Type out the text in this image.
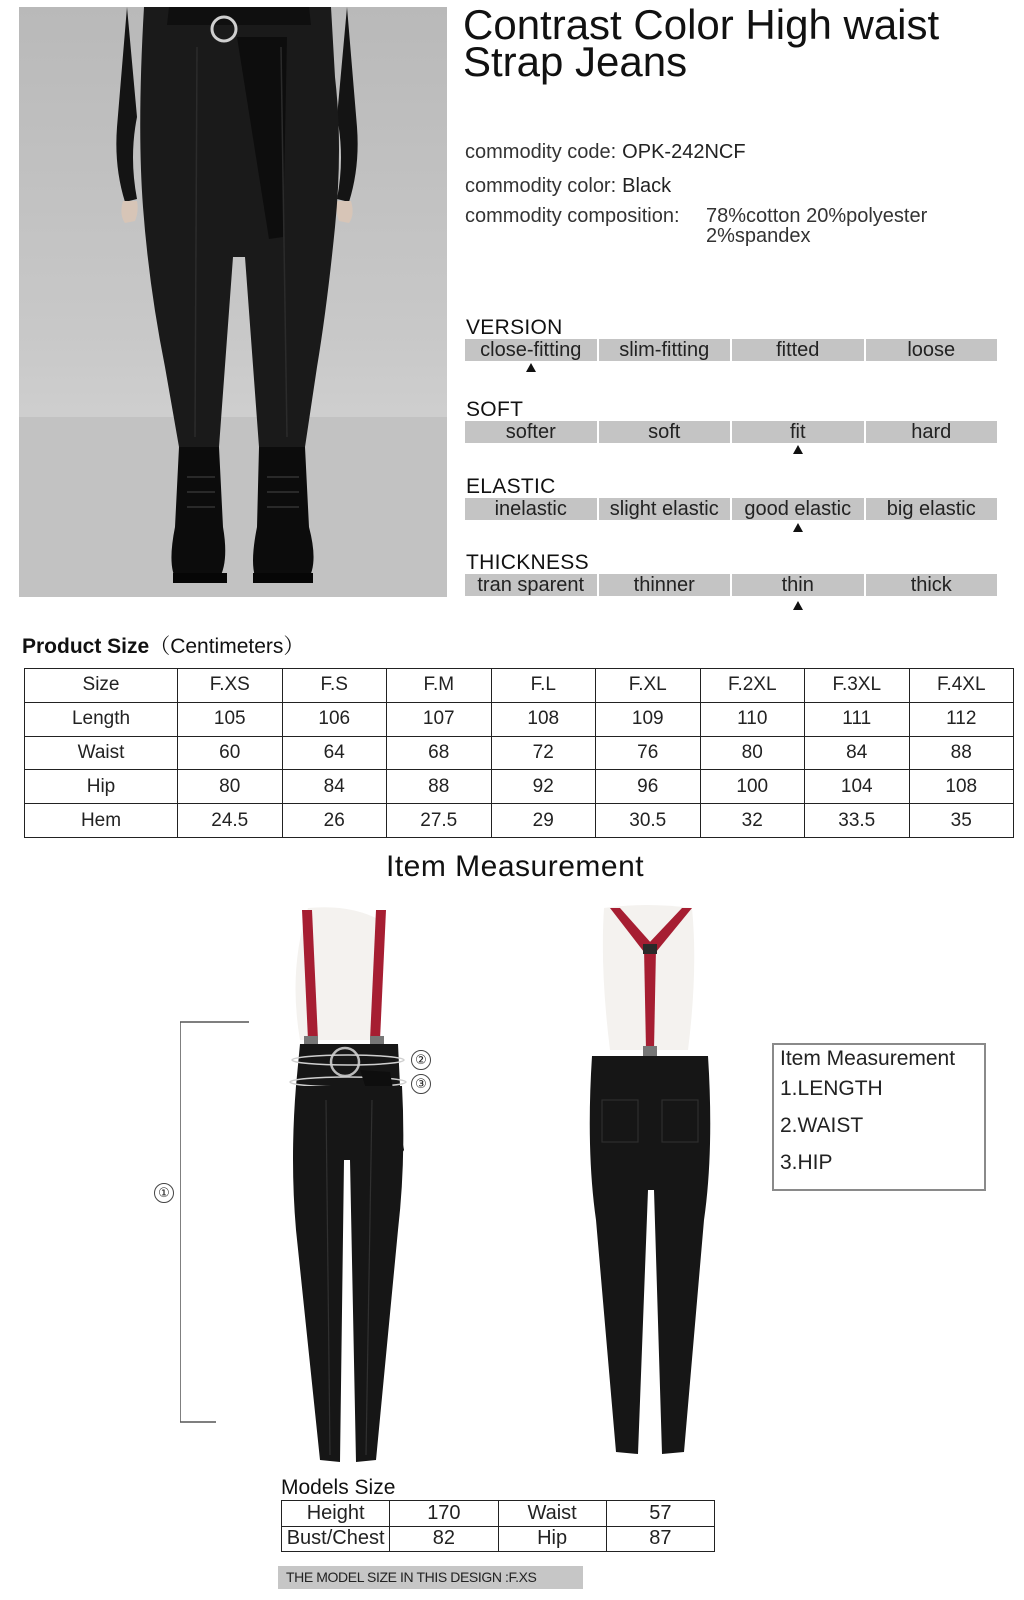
Contrast Color High waist
Strap Jeans
commodity code: OPK-242NCF
commodity color: Black
commodity composition: 78%cotton 20%polyester
2%spandex
VERSION
close-fitting	slim-fitting	fitted	loose
SOFT
softer	soft	fit	hard
ELASTIC
inelastic	slight elastic	good elastic	big elastic
THICKNESS
tran sparent	thinner	thin	thick
Product Size（Centimeters）
Size	F.XS	F.S	F.M	F.L	F.XL	F.2XL	F.3XL	F.4XL
Length	105	106	107	108	109	110	111	112
Waist	60	64	68	72	76	80	84	88
Hip	80	84	88	92	96	100	104	108
Hem	24.5	26	27.5	29	30.5	32	33.5	35
Item Measurement
①
②
③
Item Measurement
1.LENGTH
2.WAIST
3.HIP
Models Size
Height	170	Waist	57
Bust/Chest	82	Hip	87
THE MODEL SIZE IN THIS DESIGN :F.XS
